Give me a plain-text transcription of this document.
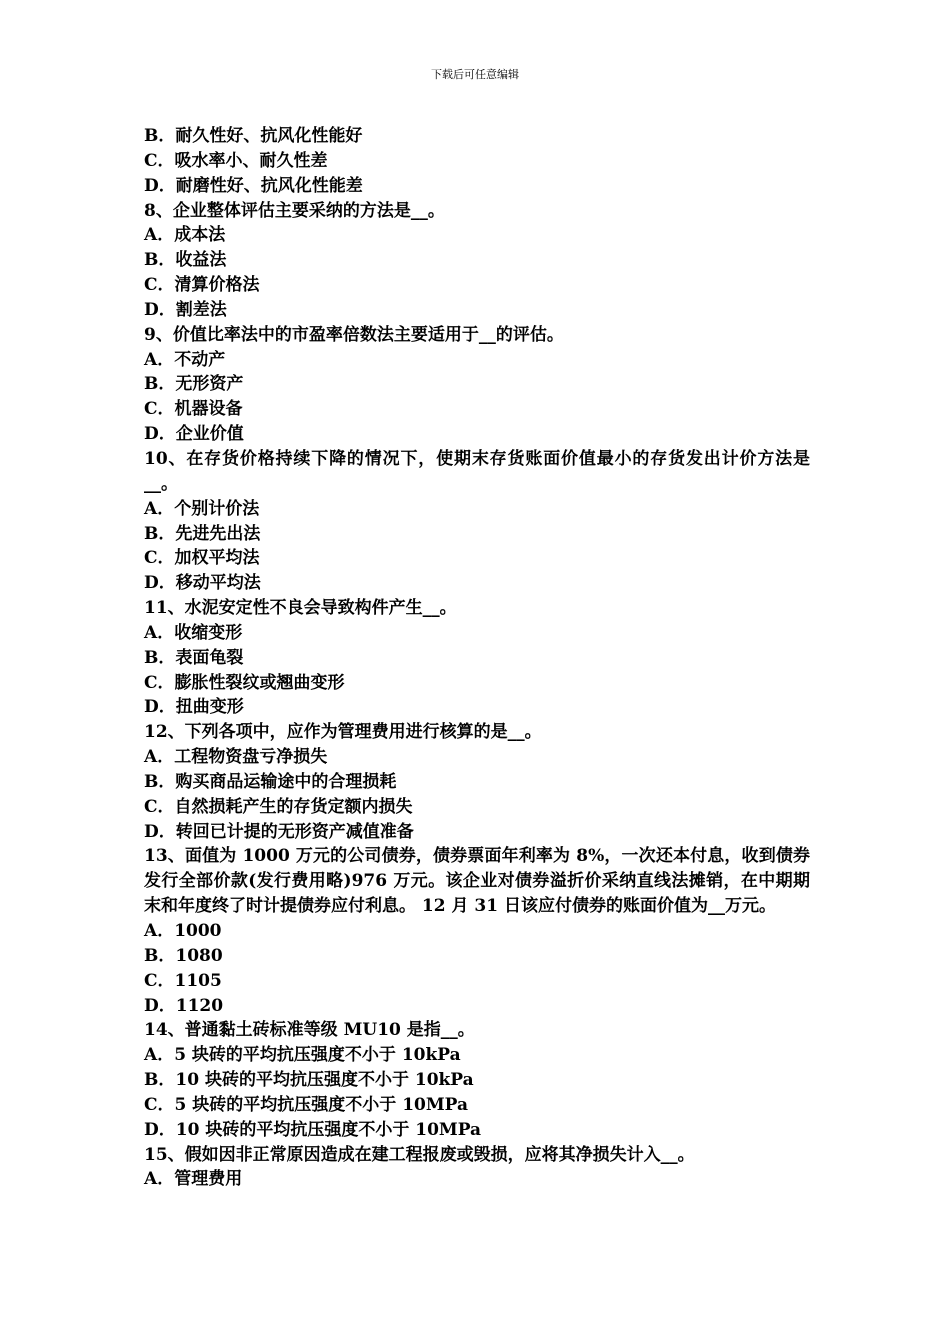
下载后可任意编辑
B．耐久性好、抗风化性能好
C．吸水率小、耐久性差
D．耐磨性好、抗风化性能差
8、企业整体评估主要采纳的方法是__。
A．成本法
B．收益法
C．清算价格法
D．割差法
9、价值比率法中的市盈率倍数法主要适用于__的评估。
A．不动产
B．无形资产
C．机器设备
D．企业价值
10、在存货价格持续下降的情况下，使期末存货账面价值最小的存货发出计价方法是__。
A．个别计价法
B．先进先出法
C．加权平均法
D．移动平均法
11、水泥安定性不良会导致构件产生__。
A．收缩变形
B．表面龟裂
C．膨胀性裂纹或翘曲变形
D．扭曲变形
12、下列各项中，应作为管理费用进行核算的是__。
A．工程物资盘亏净损失
B．购买商品运输途中的合理损耗
C．自然损耗产生的存货定额内损失
D．转回已计提的无形资产减值准备
13、面值为 1000 万元的公司债券，债券票面年利率为 8%，一次还本付息，收到债券发行全部价款(发行费用略)976 万元。该企业对债券溢折价采纳直线法摊销，在中期期末和年度终了时计提债券应付利息。 12 月 31 日该应付债券的账面价值为__万元。
A．1000
B．1080
C．1105
D．1120
14、普通黏土砖标准等级 MU10 是指__。
A．5 块砖的平均抗压强度不小于 10kPa
B．10 块砖的平均抗压强度不小于 10kPa
C．5 块砖的平均抗压强度不小于 10MPa
D．10 块砖的平均抗压强度不小于 10MPa
15、假如因非正常原因造成在建工程报废或毁损，应将其净损失计入__。
A．管理费用
